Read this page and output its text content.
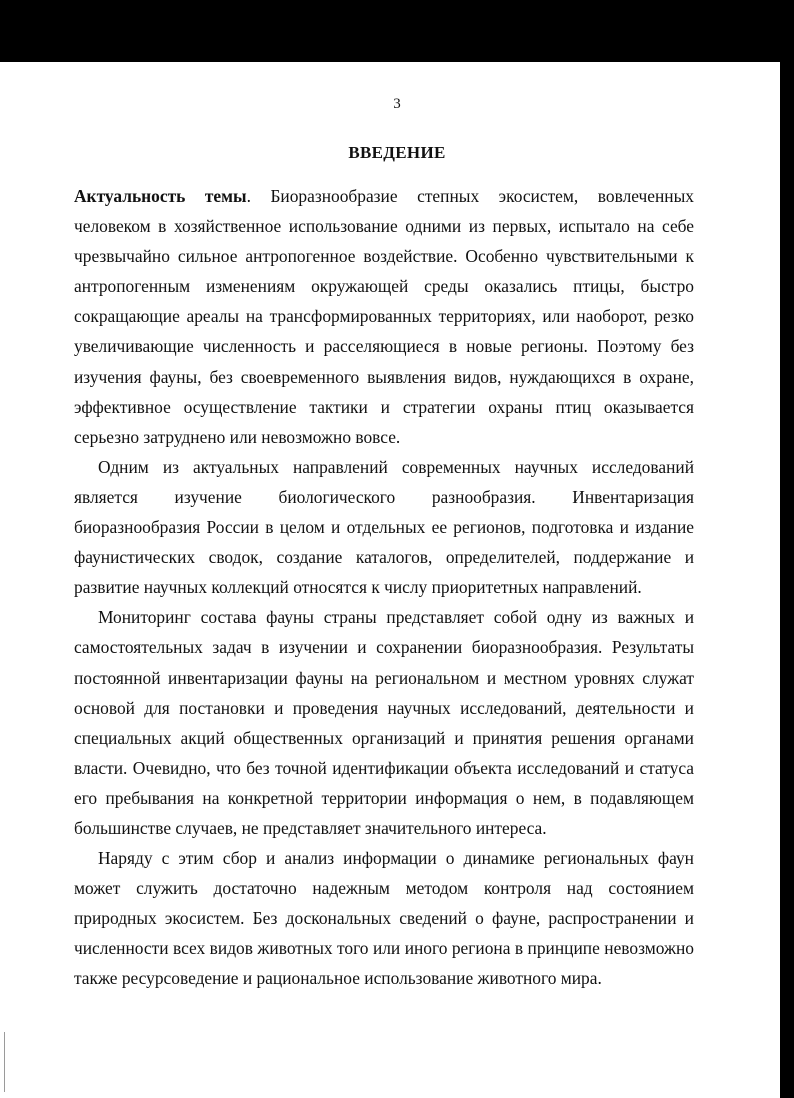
3
ВВЕДЕНИЕ

Актуальность темы. Биоразнообразие степных экосистем, вовлеченных человеком в хозяйственное использование одними из первых, испытало на себе чрезвычайно сильное антропогенное воздействие. Особенно чувствительными к антропогенным изменениям окружающей среды оказались птицы, быстро сокращающие ареалы на трансформированных территориях, или наоборот, резко увеличивающие численность и расселяющиеся в новые регионы. Поэтому без изучения фауны, без своевременного выявления видов, нуждающихся в охране, эффективное осуществление тактики и стратегии охраны птиц оказывается серьезно затруднено или невозможно вовсе.

Одним из актуальных направлений современных научных исследований является изучение биологического разнообразия. Инвентаризация биоразнообразия России в целом и отдельных ее регионов, подготовка и издание фаунистических сводок, создание каталогов, определителей, поддержание и развитие научных коллекций относятся к числу приоритетных направлений.

Мониторинг состава фауны страны представляет собой одну из важных и самостоятельных задач в изучении и сохранении биоразнообразия. Результаты постоянной инвентаризации фауны на региональном и местном уровнях служат основой для постановки и проведения научных исследований, деятельности и специальных акций общественных организаций и принятия решения органами власти. Очевидно, что без точной идентификации объекта исследований и статуса его пребывания на конкретной территории информация о нем, в подавляющем большинстве случаев, не представляет значительного интереса.

Наряду с этим сбор и анализ информации о динамике региональных фаун может служить достаточно надежным методом контроля над состоянием природных экосистем. Без доскональных сведений о фауне, распространении и численности всех видов животных того или иного региона в принципе невозможно также ресурсоведение и рациональное использование животного мира.
